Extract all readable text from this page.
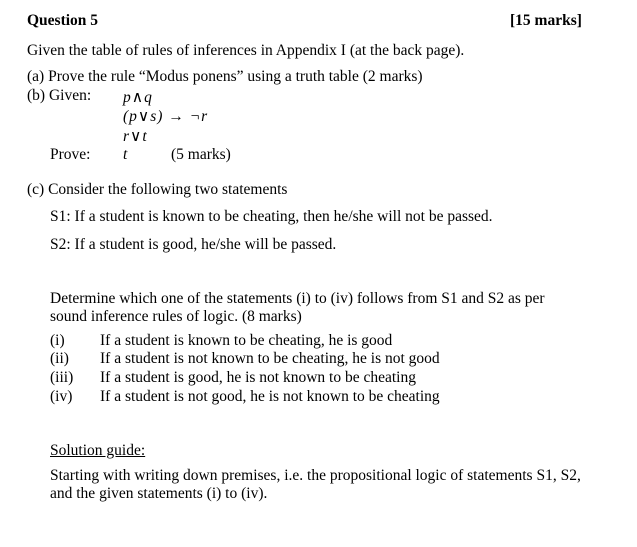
Question 5	[15 marks]
Given the table of rules of inferences in Appendix I (at the back page).
(a) Prove the rule “Modus ponens” using a truth table (2 marks)
(b) Given: p∧q
(p∨s) → ¬r
r∨t
Prove: t	(5 marks)
(c) Consider the following two statements
S1: If a student is known to be cheating, then he/she will not be passed.
S2: If a student is good, he/she will be passed.
Determine which one of the statements (i) to (iv) follows from S1 and S2 as per
sound inference rules of logic. (8 marks)
(i) If a student is known to be cheating, he is good
(ii) If a student is not known to be cheating, he is not good
(iii) If a student is good, he is not known to be cheating
(iv) If a student is not good, he is not known to be cheating
Solution guide:
Starting with writing down premises, i.e. the propositional logic of statements S1, S2,
and the given statements (i) to (iv).
